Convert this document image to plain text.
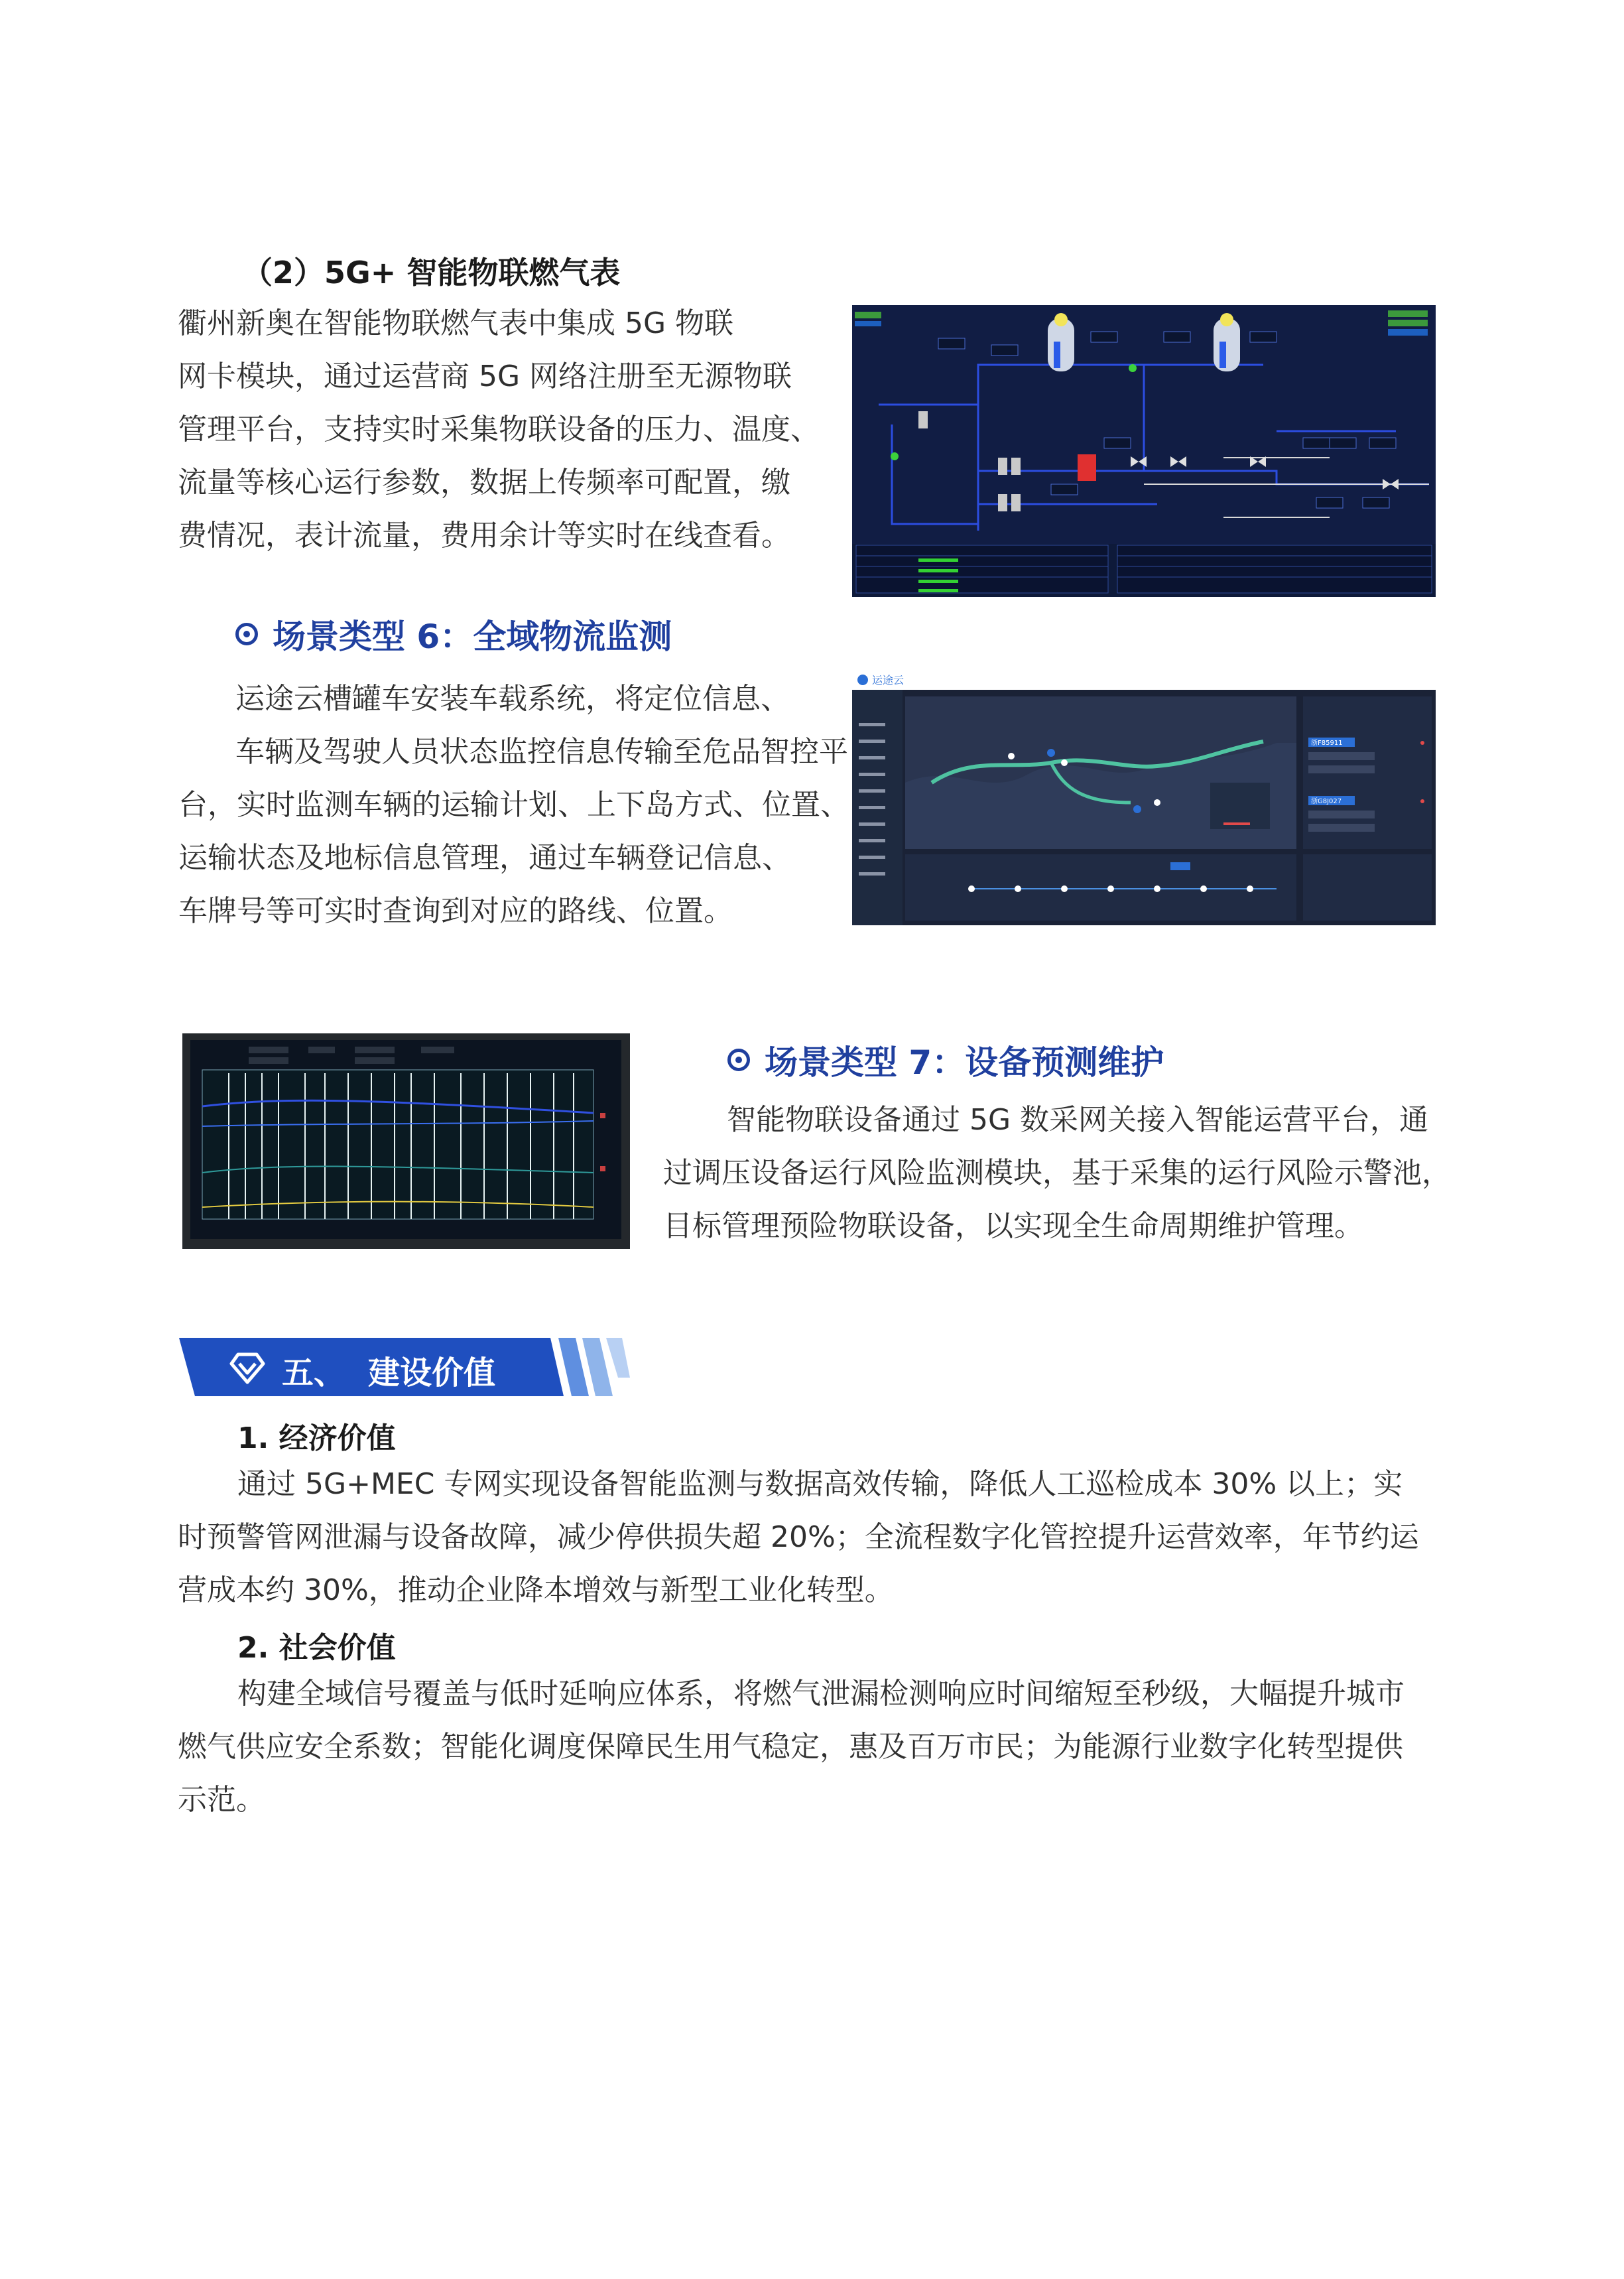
（2）5G+ 智能物联燃气表
衢州新奥在智能物联燃气表中集成 5G 物联
网卡模块，通过运营商 5G 网络注册至无源物联
管理平台，支持实时采集物联设备的压力、温度、
流量等核心运行参数，数据上传频率可配置，缴
费情况，表计流量，费用余计等实时在线查看。
场景类型 6：全域物流监测
运途云槽罐车安装车载系统，将定位信息、
车辆及驾驶人员状态监控信息传输至危品智控平
台，实时监测车辆的运输计划、上下岛方式、位置、
运输状态及地标信息管理，通过车辆登记信息、
车牌号等可实时查询到对应的路线、位置。
运途云
浙F85911
浙G8J027
场景类型 7：设备预测维护
智能物联设备通过 5G 数采网关接入智能运营平台，通
过调压设备运行风险监测模块，基于采集的运行风险示警池，
目标管理预险物联设备，以实现全生命周期维护管理。
五、 建设价值
1. 经济价值
通过 5G+MEC 专网实现设备智能监测与数据高效传输，降低人工巡检成本 30% 以上；实
时预警管网泄漏与设备故障，减少停供损失超 20%；全流程数字化管控提升运营效率，年节约运
营成本约 30%，推动企业降本增效与新型工业化转型。
2. 社会价值
构建全域信号覆盖与低时延响应体系，将燃气泄漏检测响应时间缩短至秒级，大幅提升城市
燃气供应安全系数；智能化调度保障民生用气稳定，惠及百万市民；为能源行业数字化转型提供
示范。
